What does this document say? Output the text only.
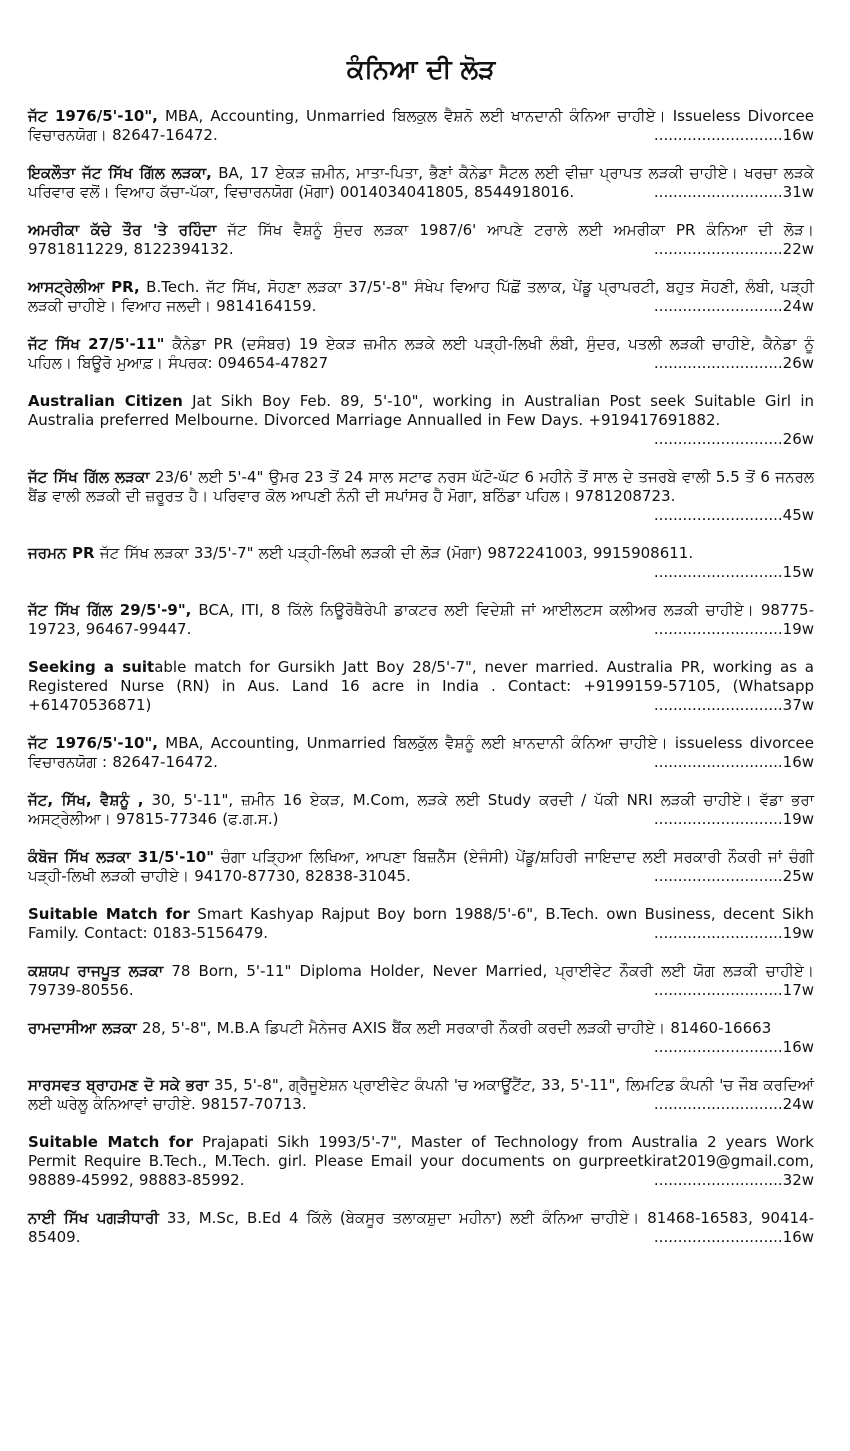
ਕੰਨਿਆ ਦੀ ਲੋੜ

ਜੱਟ 1976/5'-10", MBA, Accounting, Unmarried ਬਿਲਕੁਲ ਵੈਸ਼ਨੋ ਲਈ ਖਾਨਦਾਨੀ ਕੰਨਿਆ ਚਾਹੀਏ। Issueless Divorcee ਵਿਚਾਰਨਯੋਗ। 82647-16472.	...........................16w

ਇਕਲੌਤਾ ਜੱਟ ਸਿੱਖ ਗਿੱਲ ਲੜਕਾ, BA, 17 ਏਕੜ ਜ਼ਮੀਨ, ਮਾਤਾ-ਪਿਤਾ, ਭੈਣਾਂ ਕੈਨੇਡਾ ਸੈਟਲ ਲਈ ਵੀਜ਼ਾ ਪ੍ਰਾਪਤ ਲੜਕੀ ਚਾਹੀਏ। ਖਰਚਾ ਲੜਕੇ ਪਰਿਵਾਰ ਵਲੋਂ। ਵਿਆਹ ਕੱਚਾ-ਪੱਕਾ, ਵਿਚਾਰਨਯੋਗ (ਮੋਗਾ) 0014034041805, 8544918016.	...........................31w

ਅਮਰੀਕਾ ਕੱਚੇ ਤੌਰ 'ਤੇ ਰਹਿੰਦਾ ਜੱਟ ਸਿੱਖ ਵੈਸ਼ਨੂੰ ਸੁੰਦਰ ਲੜਕਾ 1987/6' ਆਪਣੇ ਟਰਾਲੇ ਲਈ ਅਮਰੀਕਾ PR ਕੰਨਿਆ ਦੀ ਲੋੜ। 9781811229, 8122394132.	...........................22w

ਆਸਟ੍ਰੇਲੀਆ PR, B.Tech. ਜੱਟ ਸਿੱਖ, ਸੋਹਣਾ ਲੜਕਾ 37/5'-8" ਸੰਖੇਪ ਵਿਆਹ ਪਿੱਛੋਂ ਤਲਾਕ, ਪੇਂਡੂ ਪ੍ਰਾਪਰਟੀ, ਬਹੁਤ ਸੋਹਣੀ, ਲੰਬੀ, ਪੜ੍ਹੀ ਲੜਕੀ ਚਾਹੀਏ। ਵਿਆਹ ਜਲਦੀ। 9814164159.	...........................24w

ਜੱਟ ਸਿੱਖ 27/5'-11" ਕੈਨੇਡਾ PR (ਦਸੰਬਰ) 19 ਏਕੜ ਜ਼ਮੀਨ ਲੜਕੇ ਲਈ ਪੜ੍ਹੀ-ਲਿਖੀ ਲੰਬੀ, ਸੁੰਦਰ, ਪਤਲੀ ਲੜਕੀ ਚਾਹੀਏ, ਕੈਨੇਡਾ ਨੂੰ ਪਹਿਲ। ਬਿਊਰੋ ਮੁਆਫ਼। ਸੰਪਰਕ: 094654-47827	...........................26w

Australian Citizen Jat Sikh Boy Feb. 89, 5'-10", working in Australian Post seek Suitable Girl in Australia preferred Melbourne. Divorced Marriage Annualled in Few Days. +919417691882.
...........................26w

ਜੱਟ ਸਿੱਖ ਗਿੱਲ ਲੜਕਾ 23/6' ਲਈ 5'-4" ਉਮਰ 23 ਤੋਂ 24 ਸਾਲ ਸਟਾਫ ਨਰਸ ਘੱਟੋ-ਘੱਟ 6 ਮਹੀਨੇ ਤੋਂ ਸਾਲ ਦੇ ਤਜਰਬੇ ਵਾਲੀ 5.5 ਤੋਂ 6 ਜਨਰਲ ਬੈਂਡ ਵਾਲੀ ਲੜਕੀ ਦੀ ਜ਼ਰੂਰਤ ਹੈ। ਪਰਿਵਾਰ ਕੋਲ ਆਪਣੀ ਨੰਨੀ ਦੀ ਸਪਾਂਸਰ ਹੈ ਮੋਗਾ, ਬਠਿੰਡਾ ਪਹਿਲ। 9781208723.
...........................45w

ਜਰਮਨ PR ਜੱਟ ਸਿੱਖ ਲੜਕਾ 33/5'-7" ਲਈ ਪੜ੍ਹੀ-ਲਿਖੀ ਲੜਕੀ ਦੀ ਲੋੜ (ਮੋਗਾ) 9872241003, 9915908611.
...........................15w

ਜੱਟ ਸਿੱਖ ਗਿੱਲ 29/5'-9", BCA, ITI, 8 ਕਿੱਲੇ ਨਿਊਰੋਥੈਰੇਪੀ ਡਾਕਟਰ ਲਈ ਵਿਦੇਸ਼ੀ ਜਾਂ ਆਈਲਟਸ ਕਲੀਅਰ ਲੜਕੀ ਚਾਹੀਏ। 98775-19723, 96467-99447.	...........................19w

Seeking a suitable match for Gursikh Jatt Boy 28/5'-7", never married. Australia PR, working as a Registered Nurse (RN) in Aus. Land 16 acre in India . Contact: +9199159-57105, (Whatsapp +61470536871)	...........................37w

ਜੱਟ 1976/5'-10", MBA, Accounting, Unmarried ਬਿਲਕੁੱਲ ਵੈਸ਼ਨੂੰ ਲਈ ਖ਼ਾਨਦਾਨੀ ਕੰਨਿਆ ਚਾਹੀਏ। issueless divorcee ਵਿਚਾਰਨਯੋਗ : 82647-16472.	...........................16w

ਜੱਟ, ਸਿੱਖ, ਵੈਸ਼ਨੂੰ , 30, 5'-11", ਜ਼ਮੀਨ 16 ਏਕੜ, M.Com, ਲੜਕੇ ਲਈ Study ਕਰਦੀ / ਪੱਕੀ NRI ਲੜਕੀ ਚਾਹੀਏ। ਵੱਡਾ ਭਰਾ ਅਸਟ੍ਰੇਲੀਆ। 97815-77346 (ਫ.ਗ.ਸ.)	...........................19w

ਕੰਬੋਜ ਸਿੱਖ ਲੜਕਾ 31/5'-10" ਚੰਗਾ ਪੜ੍ਹਿਆ ਲਿਖਿਆ, ਆਪਣਾ ਬਿਜ਼ਨੈੱਸ (ਏਜੰਸੀ) ਪੇਂਡੂ/ਸ਼ਹਿਰੀ ਜਾਇਦਾਦ ਲਈ ਸਰਕਾਰੀ ਨੌਕਰੀ ਜਾਂ ਚੰਗੀ ਪੜ੍ਹੀ-ਲਿਖੀ ਲੜਕੀ ਚਾਹੀਏ। 94170-87730, 82838-31045.	...........................25w

Suitable Match for Smart Kashyap Rajput Boy born 1988/5'-6", B.Tech. own Business, decent Sikh Family. Contact: 0183-5156479.	...........................19w

ਕਸ਼ਯਪ ਰਾਜਪੂਤ ਲੜਕਾ 78 Born, 5'-11" Diploma Holder, Never Married, ਪ੍ਰਾਈਵੇਟ ਨੌਕਰੀ ਲਈ ਯੋਗ ਲੜਕੀ ਚਾਹੀਏ। 79739-80556.	...........................17w

ਰਾਮਦਾਸੀਆ ਲੜਕਾ 28, 5'-8", M.B.A ਡਿਪਟੀ ਮੈਨੇਜਰ AXIS ਬੈਂਕ ਲਈ ਸਰਕਾਰੀ ਨੌਕਰੀ ਕਰਦੀ ਲੜਕੀ ਚਾਹੀਏ। 81460-16663
...........................16w

ਸਾਰਸਵਤ ਬ੍ਰਾਹਮਣ ਦੋ ਸਕੇ ਭਰਾ 35, 5'-8", ਗ੍ਰੈਜੂਏਸ਼ਨ ਪ੍ਰਾਈਵੇਟ ਕੰਪਨੀ 'ਚ ਅਕਾਊਂਟੈਂਟ, 33, 5'-11", ਲਿਮਟਿਡ ਕੰਪਨੀ 'ਚ ਜੌਬ ਕਰਦਿਆਂ ਲਈ ਘਰੇਲੂ ਕੰਨਿਆਵਾਂ ਚਾਹੀਏ. 98157-70713.	...........................24w

Suitable Match for Prajapati Sikh 1993/5'-7", Master of Technology from Australia 2 years Work Permit Require B.Tech., M.Tech. girl. Please Email your documents on gurpreetkirat2019@gmail.com, 98889-45992, 98883-85992.	...........................32w

ਨਾਈ ਸਿੱਖ ਪਗੜੀਧਾਰੀ 33, M.Sc, B.Ed 4 ਕਿੱਲੇ (ਬੇਕਸੂਰ ਤਲਾਕਸ਼ੁਦਾ ਮਹੀਨਾ) ਲਈ ਕੰਨਿਆ ਚਾਹੀਏ। 81468-16583, 90414-85409.	...........................16w
